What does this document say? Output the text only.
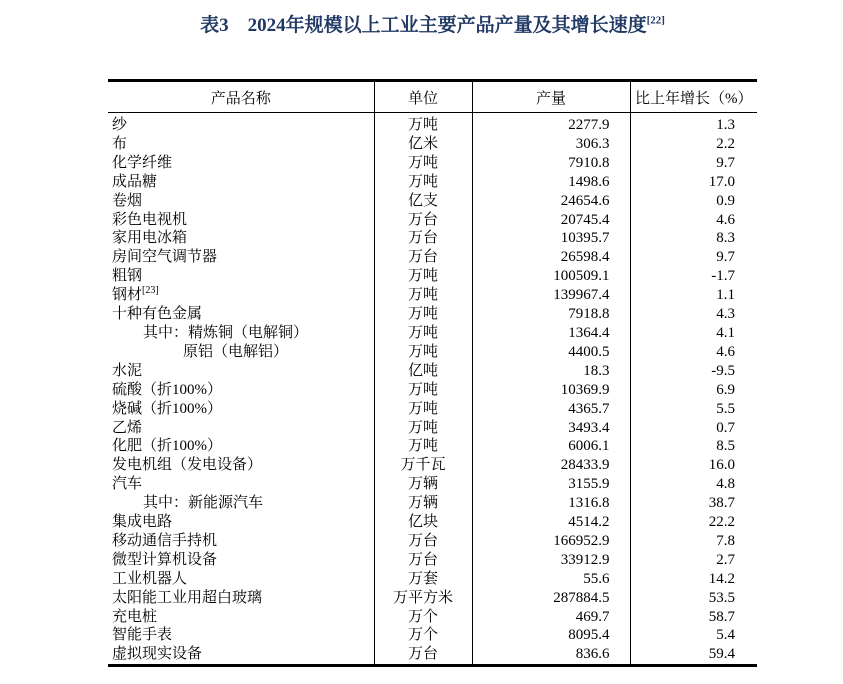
表3　2024年规模以上工业主要产品产量及其增长速度[22]
产品名称	单位	产量	比上年增长（%）
纱	万吨	2277.9	1.3
布	亿米	306.3	2.2
化学纤维	万吨	7910.8	9.7
成品糖	万吨	1498.6	17.0
卷烟	亿支	24654.6	0.9
彩色电视机	万台	20745.4	4.6
家用电冰箱	万台	10395.7	8.3
房间空气调节器	万台	26598.4	9.7
粗钢	万吨	100509.1	-1.7
钢材[23]	万吨	139967.4	1.1
十种有色金属	万吨	7918.8	4.3
其中：精炼铜（电解铜）	万吨	1364.4	4.1
原铝（电解铝）	万吨	4400.5	4.6
水泥	亿吨	18.3	-9.5
硫酸（折100%）	万吨	10369.9	6.9
烧碱（折100%）	万吨	4365.7	5.5
乙烯	万吨	3493.4	0.7
化肥（折100%）	万吨	6006.1	8.5
发电机组（发电设备）	万千瓦	28433.9	16.0
汽车	万辆	3155.9	4.8
其中：新能源汽车	万辆	1316.8	38.7
集成电路	亿块	4514.2	22.2
移动通信手持机	万台	166952.9	7.8
微型计算机设备	万台	33912.9	2.7
工业机器人	万套	55.6	14.2
太阳能工业用超白玻璃	万平方米	287884.5	53.5
充电桩	万个	469.7	58.7
智能手表	万个	8095.4	5.4
虚拟现实设备	万台	836.6	59.4
